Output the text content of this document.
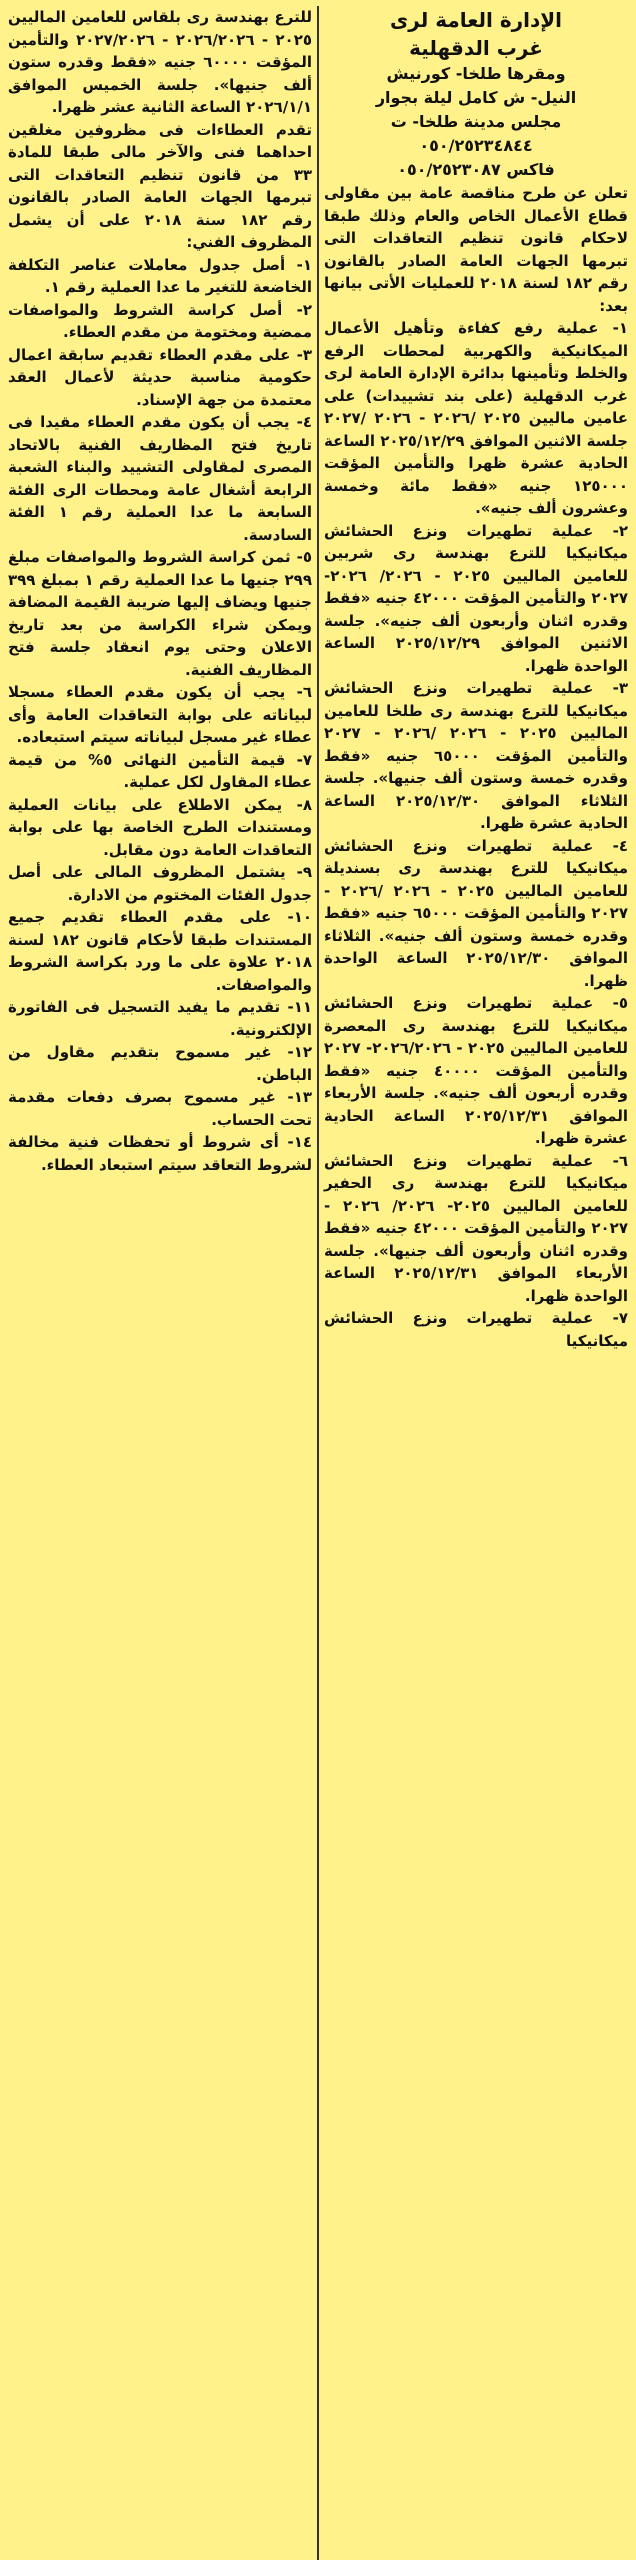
الإدارة العامة لرى

غرب الدقهلية

ومقرها طلخا- كورنيش

النيل- ش كامل ليلة بجوار

مجلس مدينة طلخا- ت

٠٥٠/٢٥٢٣٤٨٤٤

فاكس ٠٥٠/٢٥٢٣٠٨٧

تعلن عن طرح مناقصة عامة بين مقاولى قطاع الأعمال الخاص والعام وذلك طبقا لاحكام قانون تنظيم التعاقدات التى تبرمها الجهات العامة الصادر بالقانون رقم ١٨٢ لسنة ٢٠١٨ للعمليات الأتى بيانها بعد:

١- عملية رفع كفاءة وتأهيل الأعمال الميكانيكية والكهربية لمحطات الرفع والخلط وتأمينها بدائرة الإدارة العامة لرى غرب الدقهلية (على بند تشييدات) على عامين ماليين ٢٠٢٥ /٢٠٢٦ - ٢٠٢٦ /٢٠٢٧ جلسة الاثنين الموافق ٢٠٢٥/١٢/٢٩ الساعة الحادية عشرة ظهرا والتأمين المؤقت ١٢٥٠٠٠ جنيه «فقط مائة وخمسة وعشرون ألف جنيه».

٢- عملية تطهيرات ونزع الحشائش ميكانيكيا للترع بهندسة رى شربين للعامين الماليين ٢٠٢٥ - ٢٠٢٦/ ٢٠٢٦- ٢٠٢٧ والتأمين المؤقت ٤٢٠٠٠ جنيه «فقط وقدره اثنان وأربعون ألف جنيه». جلسة الاثنين الموافق ٢٠٢٥/١٢/٢٩ الساعة الواحدة ظهرا.

٣- عملية تطهيرات ونزع الحشائش ميكانيكيا للترع بهندسة رى طلخا للعامين الماليين ٢٠٢٥ - ٢٠٢٦ /٢٠٢٦ - ٢٠٢٧ والتأمين المؤقت ٦٥٠٠٠ جنيه «فقط وقدره خمسة وستون ألف جنيها». جلسة الثلاثاء الموافق ٢٠٢٥/١٢/٣٠ الساعة الحادية عشرة ظهرا.

٤- عملية تطهيرات ونزع الحشائش ميكانيكيا للترع بهندسة رى بسنديلة للعامين الماليين ٢٠٢٥ - ٢٠٢٦ /٢٠٢٦ - ٢٠٢٧ والتأمين المؤقت ٦٥٠٠٠ جنيه «فقط وقدره خمسة وستون ألف جنيه». الثلاثاء الموافق ٢٠٢٥/١٢/٣٠ الساعة الواحدة ظهرا.

٥- عملية تطهيرات ونزع الحشائش ميكانيكيا للترع بهندسة رى المعصرة للعامين الماليين ٢٠٢٥ - ٢٠٢٦/٢٠٢٦- ٢٠٢٧ والتأمين المؤقت ٤٠٠٠٠ جنيه «فقط وقدره أربعون ألف جنيه». جلسة الأربعاء الموافق ٢٠٢٥/١٢/٣١ الساعة الحادية عشرة ظهرا.

٦- عملية تطهيرات ونزع الحشائش ميكانيكيا للترع بهندسة رى الحفير للعامين الماليين ٢٠٢٥- ٢٠٢٦/ ٢٠٢٦ - ٢٠٢٧ والتأمين المؤقت ٤٢٠٠٠ جنيه «فقط وقدره اثنان وأربعون ألف جنيها». جلسة الأربعاء الموافق ٢٠٢٥/١٢/٣١ الساعة الواحدة ظهرا.

٧- عملية تطهيرات ونزع الحشائش ميكانيكيا

للترع بهندسة رى بلقاس للعامين الماليين ٢٠٢٥ - ٢٠٢٦/٢٠٢٦ - ٢٠٢٧/٢٠٢٦ والتأمين المؤقت ٦٠٠٠٠ جنيه «فقط وقدره ستون ألف جنيها». جلسة الخميس الموافق ٢٠٢٦/١/١ الساعة الثانية عشر ظهرا.

تقدم العطاءات فى مظروفين مغلقين احداهما فنى والآخر مالى طبقا للمادة ٣٣ من قانون تنظيم التعاقدات التى تبرمها الجهات العامة الصادر بالقانون رقم ١٨٢ سنة ٢٠١٨ على أن يشمل المظروف الفني:

١- أصل جدول معاملات عناصر التكلفة الخاضعة للتغير ما عدا العملية رقم ١.

٢- أصل كراسة الشروط والمواصفات ممضية ومختومة من مقدم العطاء.

٣- على مقدم العطاء تقديم سابقة اعمال حكومية مناسبة حديثة لأعمال العقد معتمدة من جهة الإسناد.

٤- يجب أن يكون مقدم العطاء مقيدا فى تاريخ فتح المظاريف الفنية بالاتحاد المصرى لمقاولى التشييد والبناء الشعبة الرابعة أشغال عامة ومحطات الرى الفئة السابعة ما عدا العملية رقم ١ الفئة السادسة.

٥- ثمن كراسة الشروط والمواصفات مبلغ ٢٩٩ جنيها ما عدا العملية رقم ١ بمبلغ ٣٩٩ جنيها ويضاف إليها ضريبة القيمة المضافة ويمكن شراء الكراسة من بعد تاريخ الاعلان وحتى يوم انعقاد جلسة فتح المظاريف الفنية.

٦- يجب أن يكون مقدم العطاء مسجلا لبياناته على بوابة التعاقدات العامة وأى عطاء غير مسجل لبياناته سيتم استبعاده.

٧- قيمة التأمين النهائى ٥% من قيمة عطاء المقاول لكل عملية.

٨- يمكن الاطلاع على بيانات العملية ومستندات الطرح الخاصة بها على بوابة التعاقدات العامة دون مقابل.

٩- يشتمل المظروف المالى على أصل جدول الفئات المختوم من الادارة.

١٠- على مقدم العطاء تقديم جميع المستندات طبقا لأحكام قانون ١٨٢ لسنة ٢٠١٨ علاوة على ما ورد بكراسة الشروط والمواصفات.

١١- تقديم ما يفيد التسجيل فى الفاتورة الإلكترونية.

١٢- غير مسموح بتقديم مقاول من الباطن.

١٣- غير مسموح بصرف دفعات مقدمة تحت الحساب.

١٤- أى شروط أو تحفظات فنية مخالفة لشروط التعاقد سيتم استبعاد العطاء.
